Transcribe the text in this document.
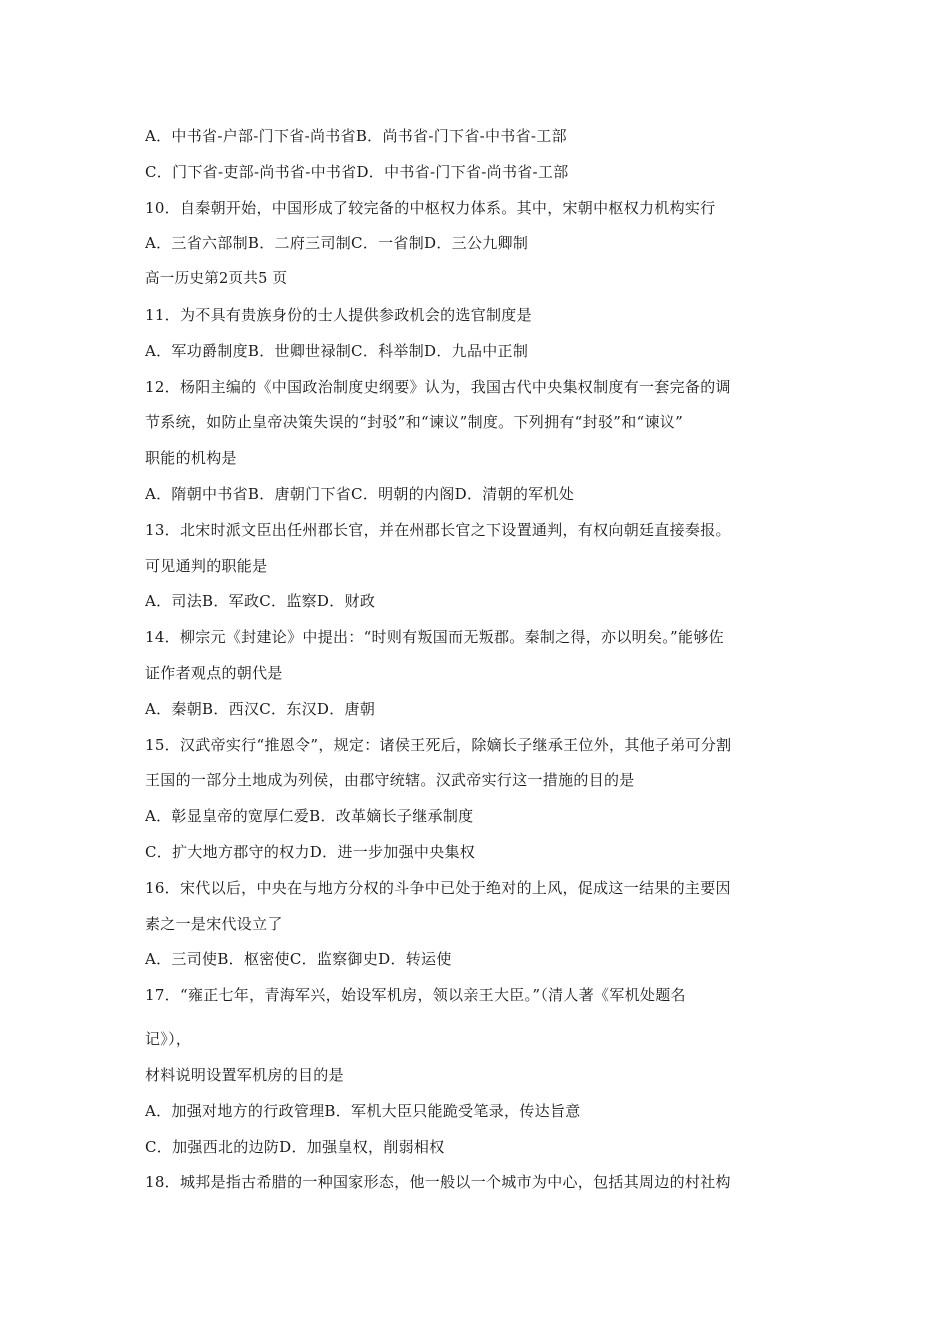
A．中书省-户部-门下省-尚书省B．尚书省-门下省-中书省-工部
C．门下省-吏部-尚书省-中书省D．中书省-门下省-尚书省-工部
10．自秦朝开始，中国形成了较完备的中枢权力体系。其中，宋朝中枢权力机构实行
A．三省六部制B．二府三司制C．一省制D．三公九卿制
高一历史第2页共5 页
11．为不具有贵族身份的士人提供参政机会的选官制度是
A．军功爵制度B．世卿世禄制C．科举制D．九品中正制
12．杨阳主编的《中国政治制度史纲要》认为，我国古代中央集权制度有一套完备的调
节系统，如防止皇帝决策失误的“封驳”和“谏议”制度。下列拥有“封驳”和“谏议”
职能的机构是
A．隋朝中书省B．唐朝门下省C．明朝的内阁D．清朝的军机处
13．北宋时派文臣出任州郡长官，并在州郡长官之下设置通判，有权向朝廷直接奏报。
可见通判的职能是
A．司法B．军政C．监察D．财政
14．柳宗元《封建论》中提出：“时则有叛国而无叛郡。秦制之得，亦以明矣。”能够佐
证作者观点的朝代是
A．秦朝B．西汉C．东汉D．唐朝
15．汉武帝实行“推恩令”，规定：诸侯王死后，除嫡长子继承王位外，其他子弟可分割
王国的一部分土地成为列侯，由郡守统辖。汉武帝实行这一措施的目的是
A．彰显皇帝的宽厚仁爱B．改革嫡长子继承制度
C．扩大地方郡守的权力D．进一步加强中央集权
16．宋代以后，中央在与地方分权的斗争中已处于绝对的上风，促成这一结果的主要因
素之一是宋代设立了
A．三司使B．枢密使C．监察御史D．转运使
17．“雍正七年，青海军兴，始设军机房，领以亲王大臣。”（清人著《军机处题名
记》），
材料说明设置军机房的目的是
A．加强对地方的行政管理B．军机大臣只能跪受笔录，传达旨意
C．加强西北的边防D．加强皇权，削弱相权
18．城邦是指古希腊的一种国家形态，他一般以一个城市为中心，包括其周边的村社构
